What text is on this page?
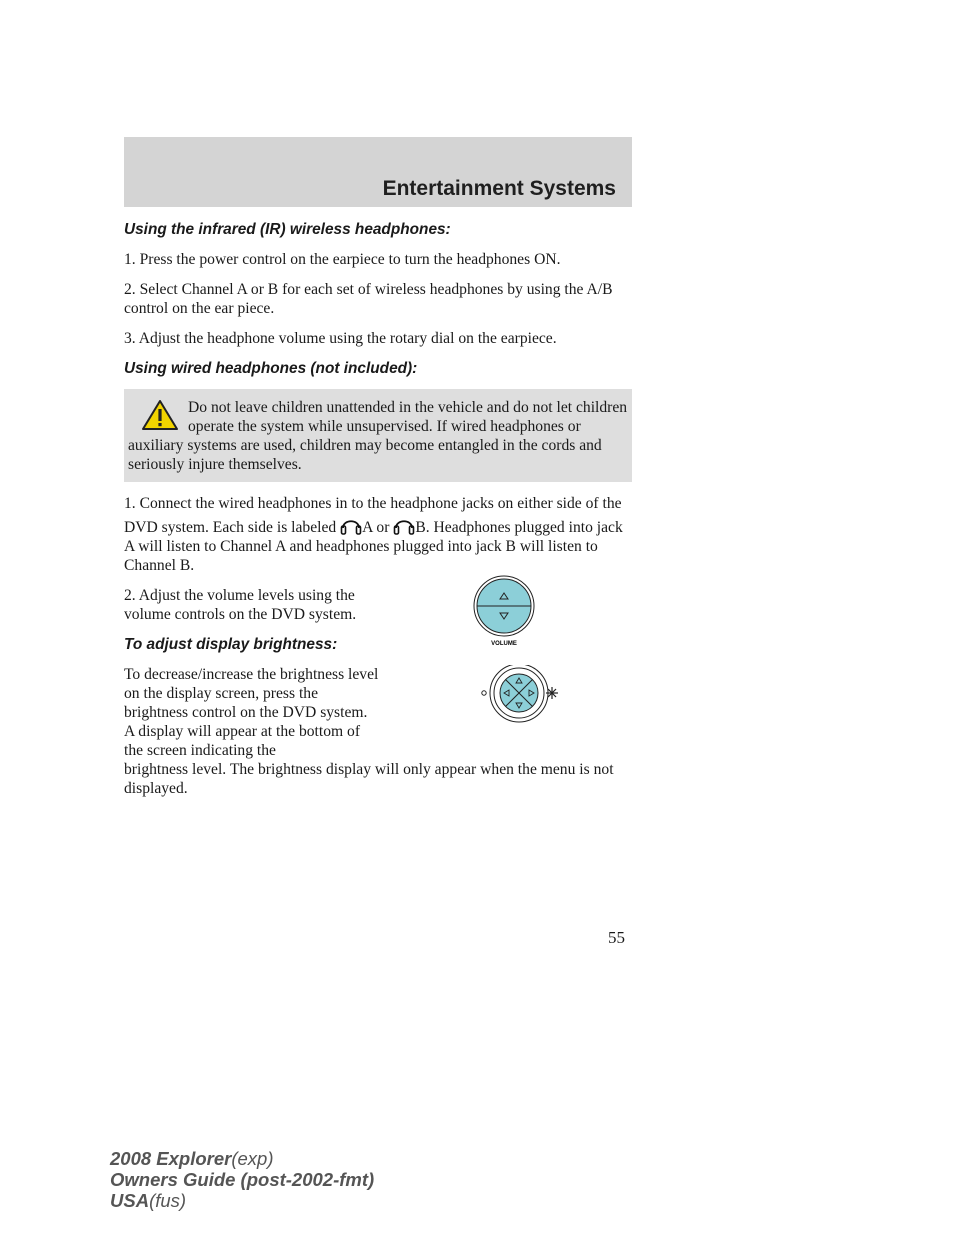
Entertainment Systems

Using the infrared (IR) wireless headphones:

1. Press the power control on the earpiece to turn the headphones ON.

2. Select Channel A or B for each set of wireless headphones by using the A/B control on the ear piece.

3. Adjust the headphone volume using the rotary dial on the earpiece.

Using wired headphones (not included):

Do not leave children unattended in the vehicle and do not let children operate the system while unsupervised. If wired headphones or auxiliary systems are used, children may become entangled in the cords and seriously injure themselves.

1. Connect the wired headphones in to the headphone jacks on either side of the DVD system. Each side is labeled A or B. Headphones plugged into jack A will listen to Channel A and headphones plugged into jack B will listen to Channel B.

2. Adjust the volume levels using the volume controls on the DVD system.

VOLUME

To adjust display brightness:

To decrease/increase the brightness level on the display screen, press the brightness control on the DVD system. A display will appear at the bottom of the screen indicating the

brightness level. The brightness display will only appear when the menu is not displayed.

55
2008 Explorer(exp)
Owners Guide (post-2002-fmt)
USA(fus)
